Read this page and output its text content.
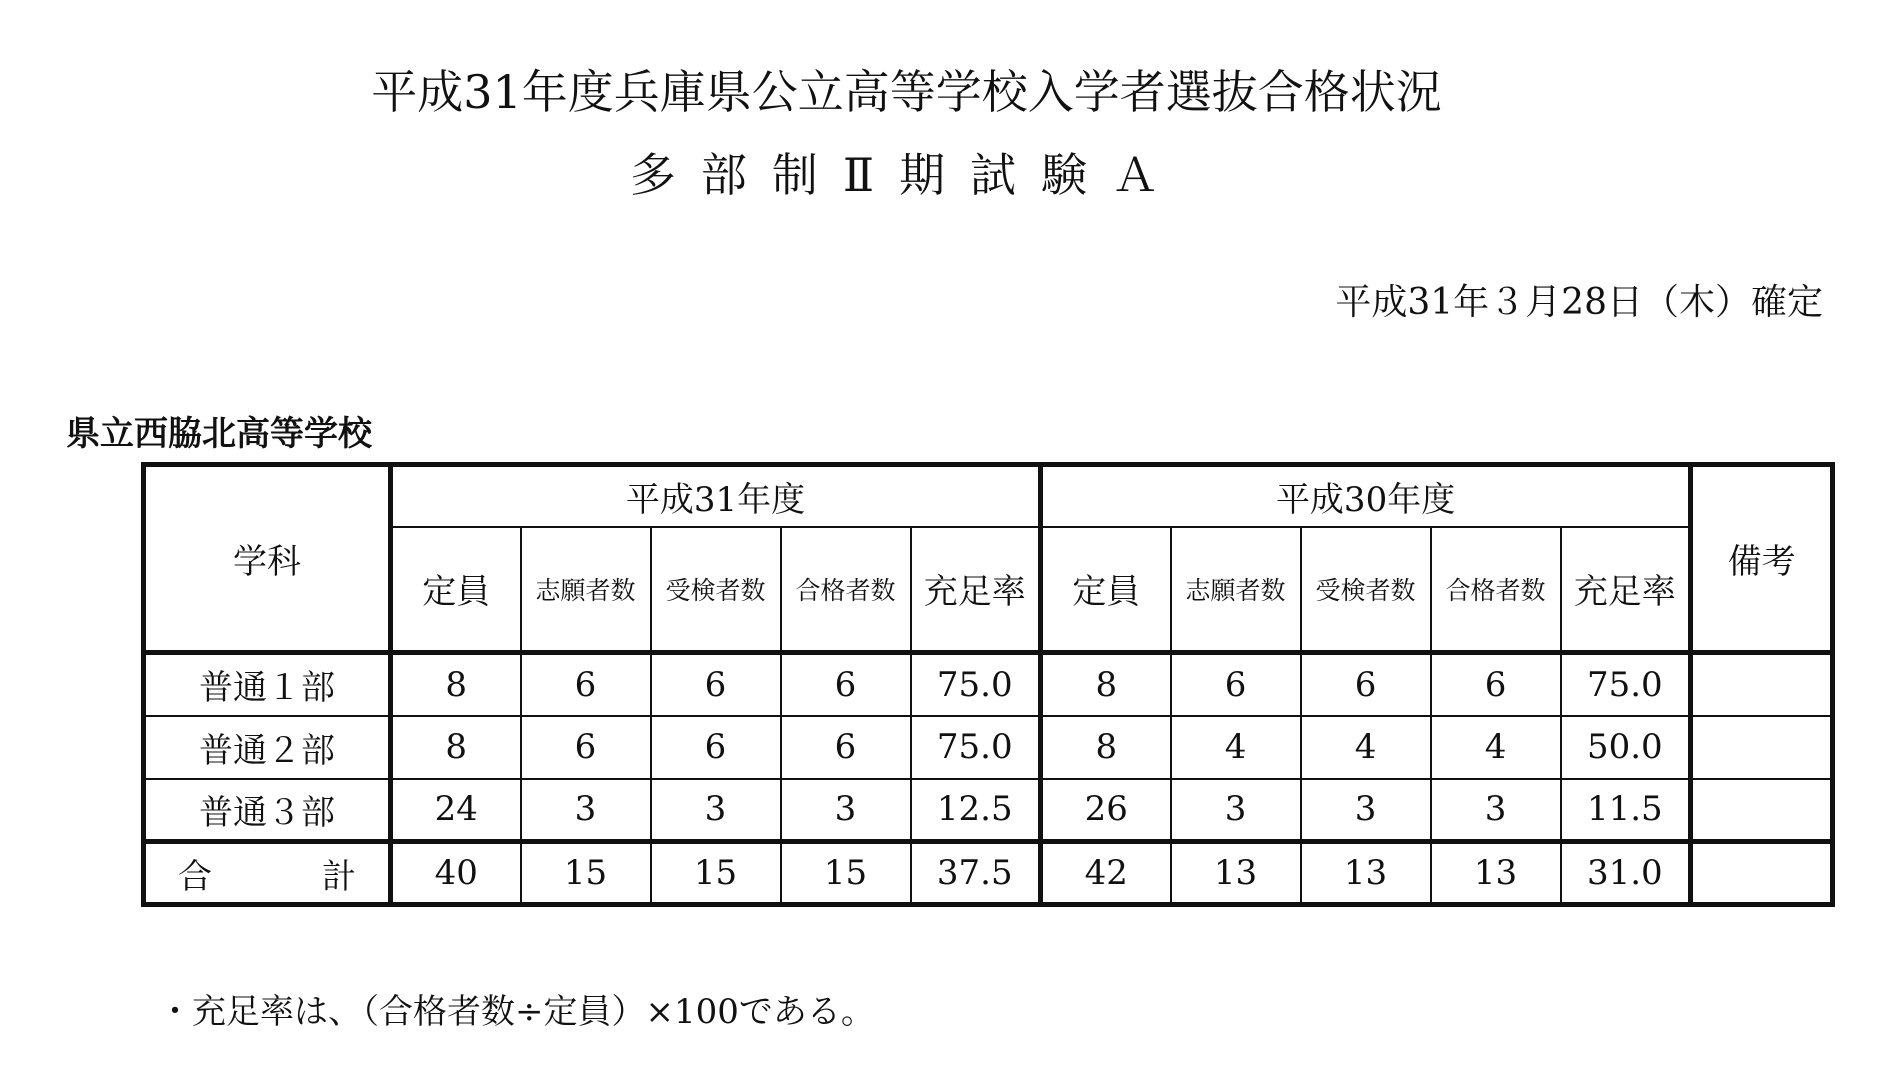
平成31年度兵庫県公立高等学校入学者選抜合格状況
多部制Ⅱ期試験Ａ
平成31年３月28日（木）確定
県立西脇北高等学校
学科	平成31年度					平成30年度					備考
	定員	志願者数	受検者数	合格者数	充足率	定員	志願者数	受検者数	合格者数	充足率	
普通１部	8	6	6	6	75.0	8	6	6	6	75.0	
普通２部	8	6	6	6	75.0	8	4	4	4	50.0	
普通３部	24	3	3	3	12.5	26	3	3	3	11.5	
合 計	40	15	15	15	37.5	42	13	13	13	31.0	
・充足率は、（合格者数÷定員）×100である。
